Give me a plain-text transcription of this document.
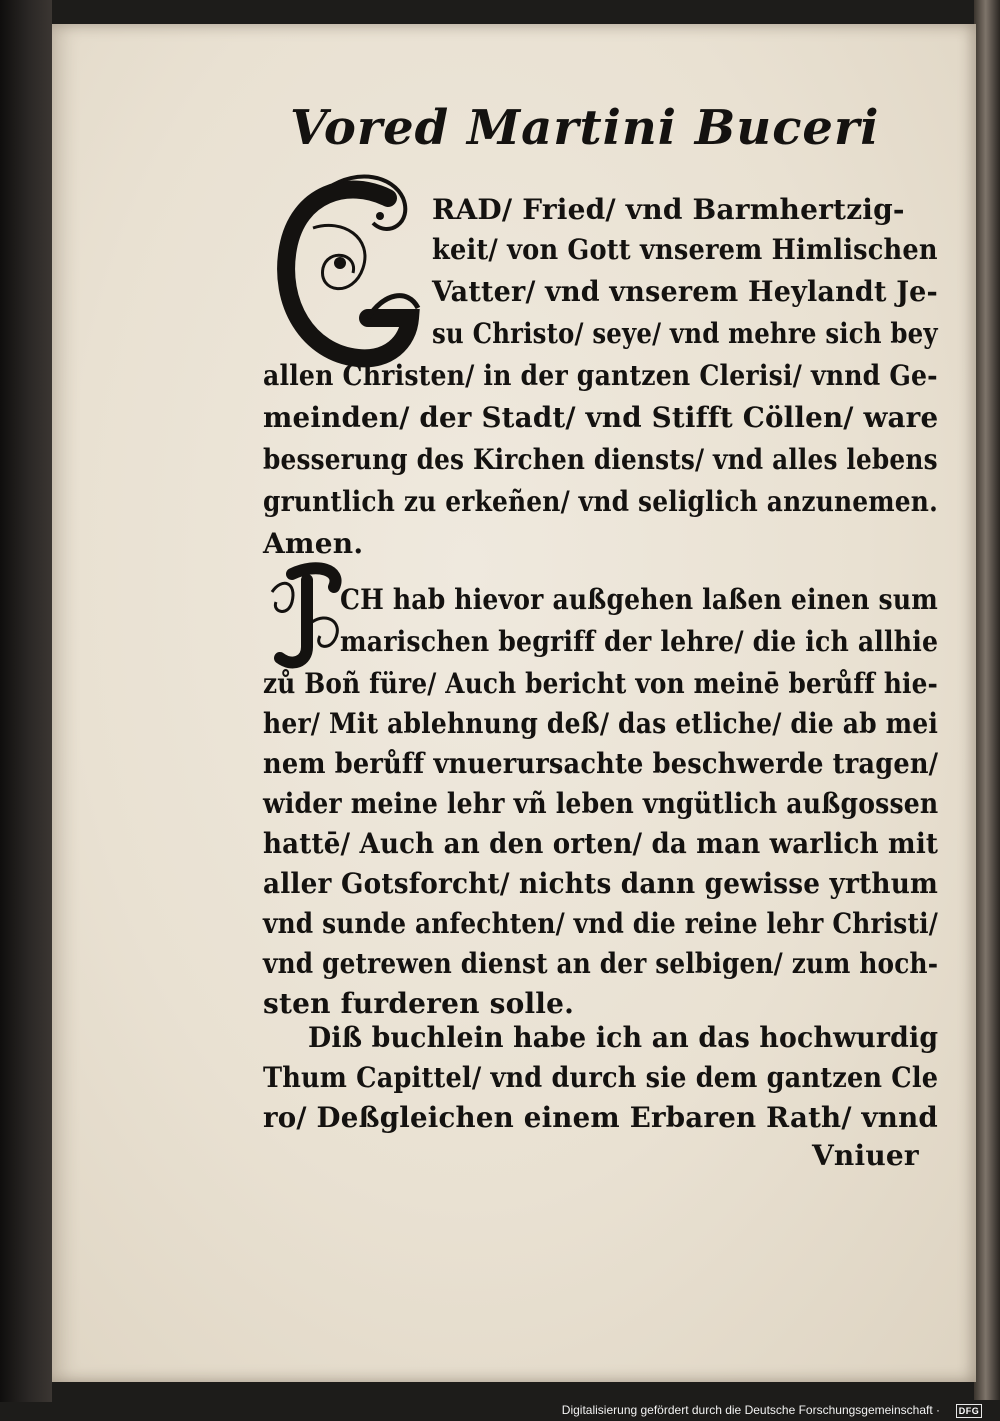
Vored Martini Buceri
G
I
RAD/ Fried/ vnd Barmhertzig-
keit/ von Gott vnserem Himlischen
Vatter/ vnd vnserem Heylandt Je-
su Christo/ seye/ vnd mehre sich bey
allen Christen/ in der gantzen Clerisi/ vnnd Ge-
meinden/ der Stadt/ vnd Stifft Cöllen/ ware
besserung des Kirchen diensts/ vnd alles lebens
gruntlich zu erkeñen/ vnd seliglich anzunemen.
Amen.
CH hab hievor außgehen laßen einen sum
marischen begriff der lehre/ die ich allhie
zů Boñ füre/ Auch bericht von meinē berůff hie-
her/ Mit ablehnung deß/ das etliche/ die ab mei
nem berůff vnuerursachte beschwerde tragen/
wider meine lehr vñ leben vngütlich außgossen
hattē/ Auch an den orten/ da man warlich mit
aller Gotsforcht/ nichts dann gewisse yrthum
vnd sunde anfechten/ vnd die reine lehr Christi/
vnd getrewen dienst an der selbigen/ zum hoch-
sten furderen solle.
Diß buchlein habe ich an das hochwurdig
Thum Capittel/ vnd durch sie dem gantzen Cle
ro/ Deßgleichen einem Erbaren Rath/ vnnd
Vniuer
Digitalisierung gefördert durch die Deutsche Forschungsgemeinschaft ·	DFG
